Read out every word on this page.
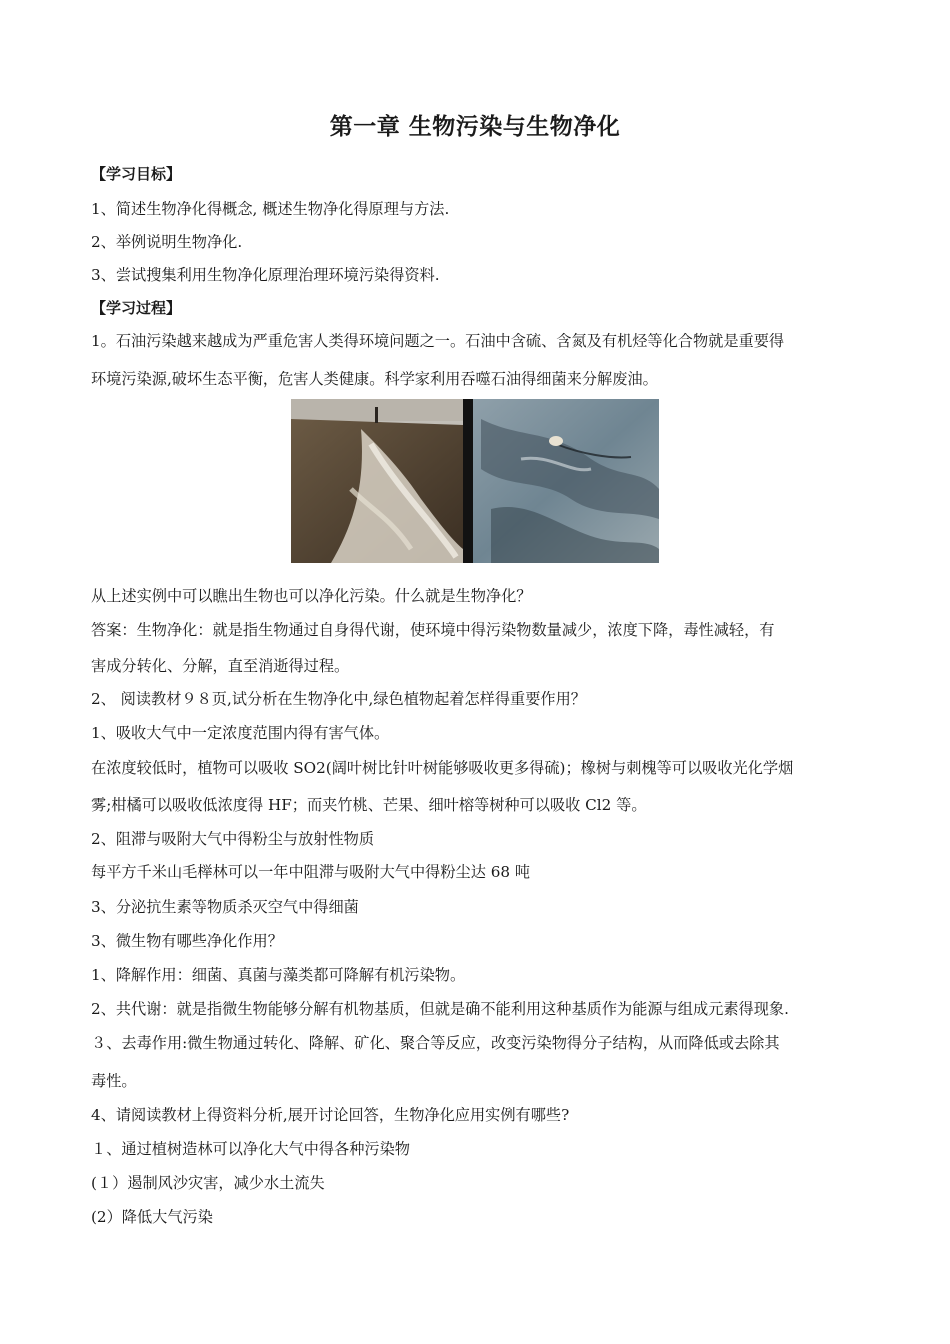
第一章 生物污染与生物净化
【学习目标】
1、简述生物净化得概念, 概述生物净化得原理与方法.
2、举例说明生物净化.
3、尝试搜集利用生物净化原理治理环境污染得资料.
【学习过程】
1。石油污染越来越成为严重危害人类得环境问题之一。石油中含硫、含氮及有机烃等化合物就是重要得
环境污染源,破坏生态平衡，危害人类健康。科学家利用吞噬石油得细菌来分解废油。
从上述实例中可以瞧出生物也可以净化污染。什么就是生物净化？
答案：生物净化：就是指生物通过自身得代谢，使环境中得污染物数量减少，浓度下降，毒性减轻，有
害成分转化、分解，直至消逝得过程。
2、 阅读教材９８页,试分析在生物净化中,绿色植物起着怎样得重要作用？
1、吸收大气中一定浓度范围内得有害气体。
在浓度较低时，植物可以吸收 SO2(阔叶树比针叶树能够吸收更多得硫)；橡树与刺槐等可以吸收光化学烟
雾;柑橘可以吸收低浓度得 HF；而夹竹桃、芒果、细叶榕等树种可以吸收 Cl2 等。
2、阻滞与吸附大气中得粉尘与放射性物质
每平方千米山毛榉林可以一年中阻滞与吸附大气中得粉尘达 68 吨
3、分泌抗生素等物质杀灭空气中得细菌
3、微生物有哪些净化作用？
1、降解作用：细菌、真菌与藻类都可降解有机污染物。
2、共代谢：就是指微生物能够分解有机物基质，但就是确不能利用这种基质作为能源与组成元素得现象.
３、去毒作用:微生物通过转化、降解、矿化、聚合等反应，改变污染物得分子结构，从而降低或去除其
毒性。
4、请阅读教材上得资料分析,展开讨论回答，生物净化应用实例有哪些?
１、通过植树造林可以净化大气中得各种污染物
(１）遏制风沙灾害，减少水土流失
(2）降低大气污染
